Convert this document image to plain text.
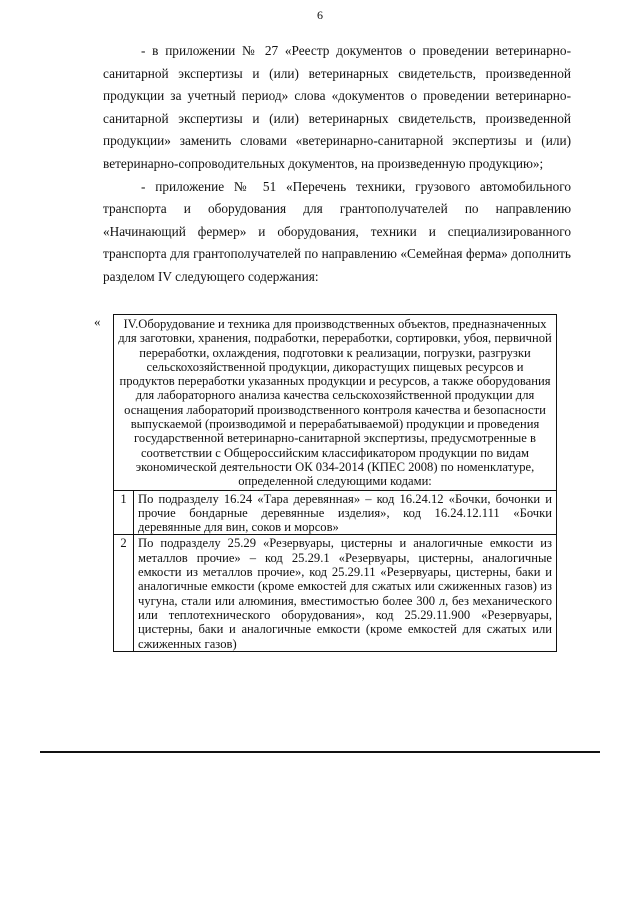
6

- в приложении № 27 «Реестр документов о проведении ветеринарно-санитарной экспертизы и (или) ветеринарных свидетельств, произведенной продукции за учетный период» слова «документов о проведении ветеринарно-санитарной экспертизы и (или) ветеринарных свидетельств, произведенной продукции» заменить словами «ветеринарно-санитарной экспертизы и (или) ветеринарно-сопроводительных документов, на произведенную продукцию»;

- приложение № 51 «Перечень техники, грузового автомобильного транспорта и оборудования для грантополучателей по направлению «Начинающий фермер» и оборудования, техники и специализированного транспорта для грантополучателей по направлению «Семейная ферма» дополнить разделом IV следующего содержания:

«	IV.Оборудование и техника для производственных объектов, предназначенных для заготовки, хранения, подработки, переработки, сортировки, убоя, первичной переработки, охлаждения, подготовки к реализации, погрузки, разгрузки сельскохозяйственной продукции, дикорастущих пищевых ресурсов и продуктов переработки указанных продукции и ресурсов, а также оборудования для лабораторного анализа качества сельскохозяйственной продукции для оснащения лабораторий производственного контроля качества и безопасности выпускаемой (производимой и перерабатываемой) продукции и проведения государственной ветеринарно-санитарной экспертизы, предусмотренные в соответствии с Общероссийским классификатором продукции по видам экономической деятельности ОК 034-2014 (КПЕС 2008) по номенклатуре, определенной следующими кодами:
1 По подразделу 16.24 «Тара деревянная» – код 16.24.12 «Бочки, бочонки и прочие бондарные деревянные изделия», код 16.24.12.111 «Бочки деревянные для вин, соков и морсов»
2 По подразделу 25.29 «Резервуары, цистерны и аналогичные емкости из металлов прочие» – код 25.29.1 «Резервуары, цистерны, аналогичные емкости из металлов прочие», код 25.29.11 «Резервуары, цистерны, баки и аналогичные емкости (кроме емкостей для сжатых или сжиженных газов) из чугуна, стали или алюминия, вместимостью более 300 л, без механического или теплотехнического оборудования», код 25.29.11.900 «Резервуары, цистерны, баки и аналогичные емкости (кроме емкостей для сжатых или сжиженных газов)
